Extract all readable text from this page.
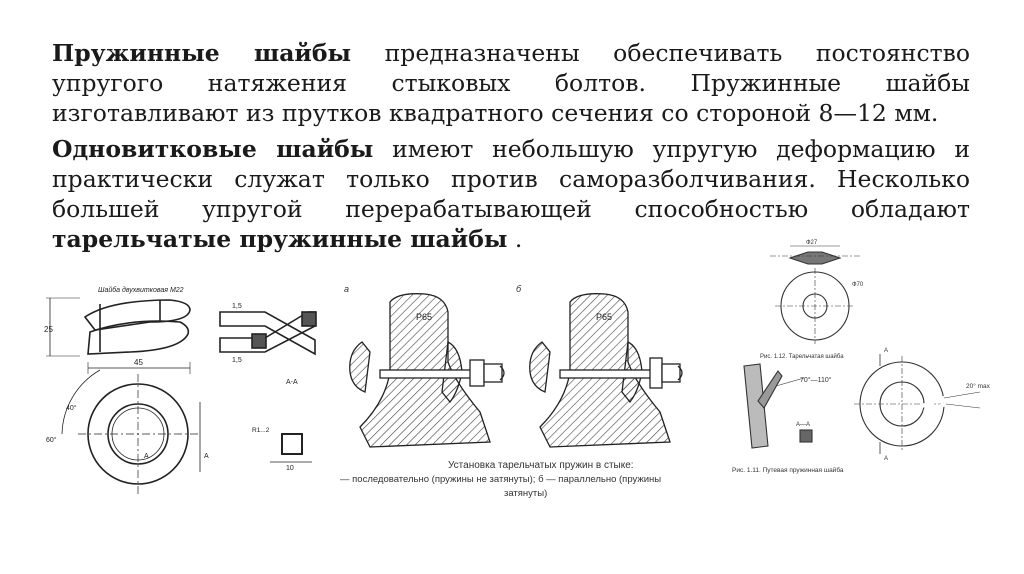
Пружинные шайбы предназначены обеспечивать постоянство упругого натяжения стыковых болтов. Пружинные шайбы изготавливают из прутков квадратного сечения со стороной 8—12 мм.

Одновитковые шайбы имеют небольшую упругую деформацию и практически служат только против саморазболчивания. Несколько большей упругой перерабатывающей способностью обладают тарельчатые пружинные шайбы .

Шайба двухвитковая М22
25
45
1,5
1,5
А-А
60°
40°
А	А
R1...2
10
а	б
Р65	Р65
Установка тарельчатых пружин в стыке:
— последовательно (пружины не затянуты); б — параллельно (пружины
затянуты)
Ф27
Ф70
Рис. 1.12. Тарельчатая шайба
70°—110°
А—А
А
А
20° max
Рис. 1.11. Путевая пружинная шайба
